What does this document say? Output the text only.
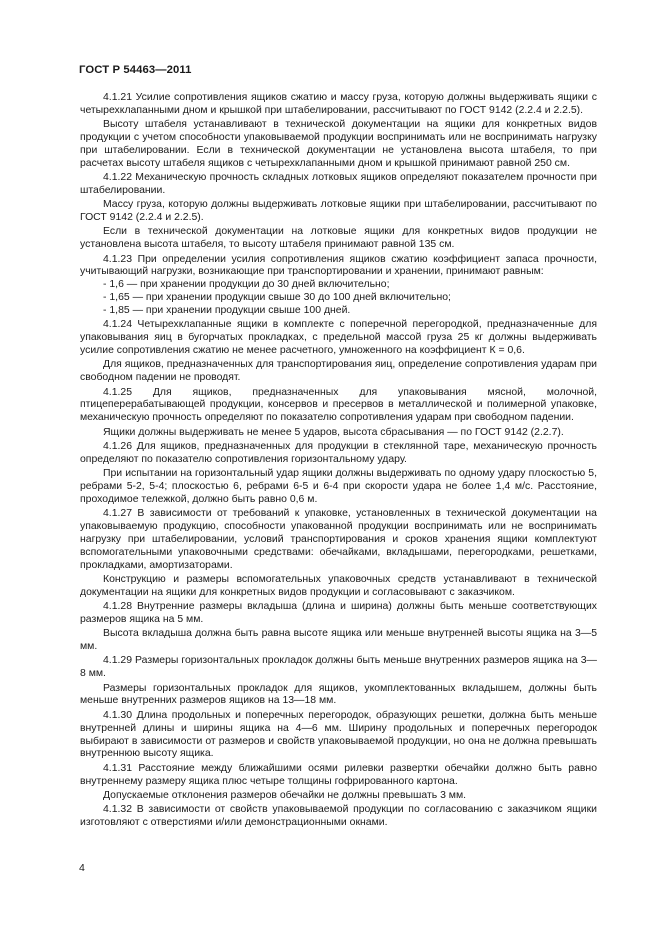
ГОСТ Р 54463—2011

4.1.21 Усилие сопротивления ящиков сжатию и массу груза, которую должны выдерживать ящики с четырехклапанными дном и крышкой при штабелировании, рассчитывают по ГОСТ 9142 (2.2.4 и 2.2.5).

Высоту штабеля устанавливают в технической документации на ящики для конкретных видов продукции с учетом способности упаковываемой продукции воспринимать или не воспринимать нагрузку при штабелировании. Если в технической документации не установлена высота штабеля, то при расчетах высоту штабеля ящиков с четырехклапанными дном и крышкой принимают равной 250 см.

4.1.22 Механическую прочность складных лотковых ящиков определяют показателем прочности при штабелировании.

Массу груза, которую должны выдерживать лотковые ящики при штабелировании, рассчитывают по ГОСТ 9142 (2.2.4 и 2.2.5).

Если в технической документации на лотковые ящики для конкретных видов продукции не установлена высота штабеля, то высоту штабеля принимают равной 135 см.

4.1.23 При определении усилия сопротивления ящиков сжатию коэффициент запаса прочности, учитывающий нагрузки, возникающие при транспортировании и хранении, принимают равным:

- 1,6 — при хранении продукции до 30 дней включительно;

- 1,65 — при хранении продукции свыше 30 до 100 дней включительно;

- 1,85 — при хранении продукции свыше 100 дней.

4.1.24 Четырехклапанные ящики в комплекте с поперечной перегородкой, предназначенные для упаковывания яиц в бугорчатых прокладках, с предельной массой груза 25 кг должны выдерживать усилие сопротивления сжатию не менее расчетного, умноженного на коэффициент К = 0,6.

Для ящиков, предназначенных для транспортирования яиц, определение сопротивления ударам при свободном падении не проводят.

4.1.25 Для ящиков, предназначенных для упаковывания мясной, молочной, птицеперерабатывающей продукции, консервов и пресервов в металлической и полимерной упаковке, механическую прочность определяют по показателю сопротивления ударам при свободном падении.

Ящики должны выдерживать не менее 5 ударов, высота сбрасывания — по ГОСТ 9142 (2.2.7).

4.1.26 Для ящиков, предназначенных для продукции в стеклянной таре, механическую прочность определяют по показателю сопротивления горизонтальному удару.

При испытании на горизонтальный удар ящики должны выдерживать по одному удару плоскостью 5, ребрами 5-2, 5-4; плоскостью 6, ребрами 6-5 и 6-4 при скорости удара не более 1,4 м/с. Расстояние, проходимое тележкой, должно быть равно 0,6 м.

4.1.27 В зависимости от требований к упаковке, установленных в технической документации на упаковываемую продукцию, способности упакованной продукции воспринимать или не воспринимать нагрузку при штабелировании, условий транспортирования и сроков хранения ящики комплектуют вспомогательными упаковочными средствами: обечайками, вкладышами, перегородками, решетками, прокладками, амортизаторами.

Конструкцию и размеры вспомогательных упаковочных средств устанавливают в технической документации на ящики для конкретных видов продукции и согласовывают с заказчиком.

4.1.28 Внутренние размеры вкладыша (длина и ширина) должны быть меньше соответствующих размеров ящика на 5 мм.

Высота вкладыша должна быть равна высоте ящика или меньше внутренней высоты ящика на 3—5 мм.

4.1.29 Размеры горизонтальных прокладок должны быть меньше внутренних размеров ящика на 3—8 мм.

Размеры горизонтальных прокладок для ящиков, укомплектованных вкладышем, должны быть меньше внутренних размеров ящиков на 13—18 мм.

4.1.30 Длина продольных и поперечных перегородок, образующих решетки, должна быть меньше внутренней длины и ширины ящика на 4—6 мм. Ширину продольных и поперечных перегородок выбирают в зависимости от размеров и свойств упаковываемой продукции, но она не должна превышать внутреннюю высоту ящика.

4.1.31 Расстояние между ближайшими осями рилевки развертки обечайки должно быть равно внутреннему размеру ящика плюс четыре толщины гофрированного картона.

Допускаемые отклонения размеров обечайки не должны превышать 3 мм.

4.1.32 В зависимости от свойств упаковываемой продукции по согласованию с заказчиком ящики изготовляют с отверстиями и/или демонстрационными окнами.

4
